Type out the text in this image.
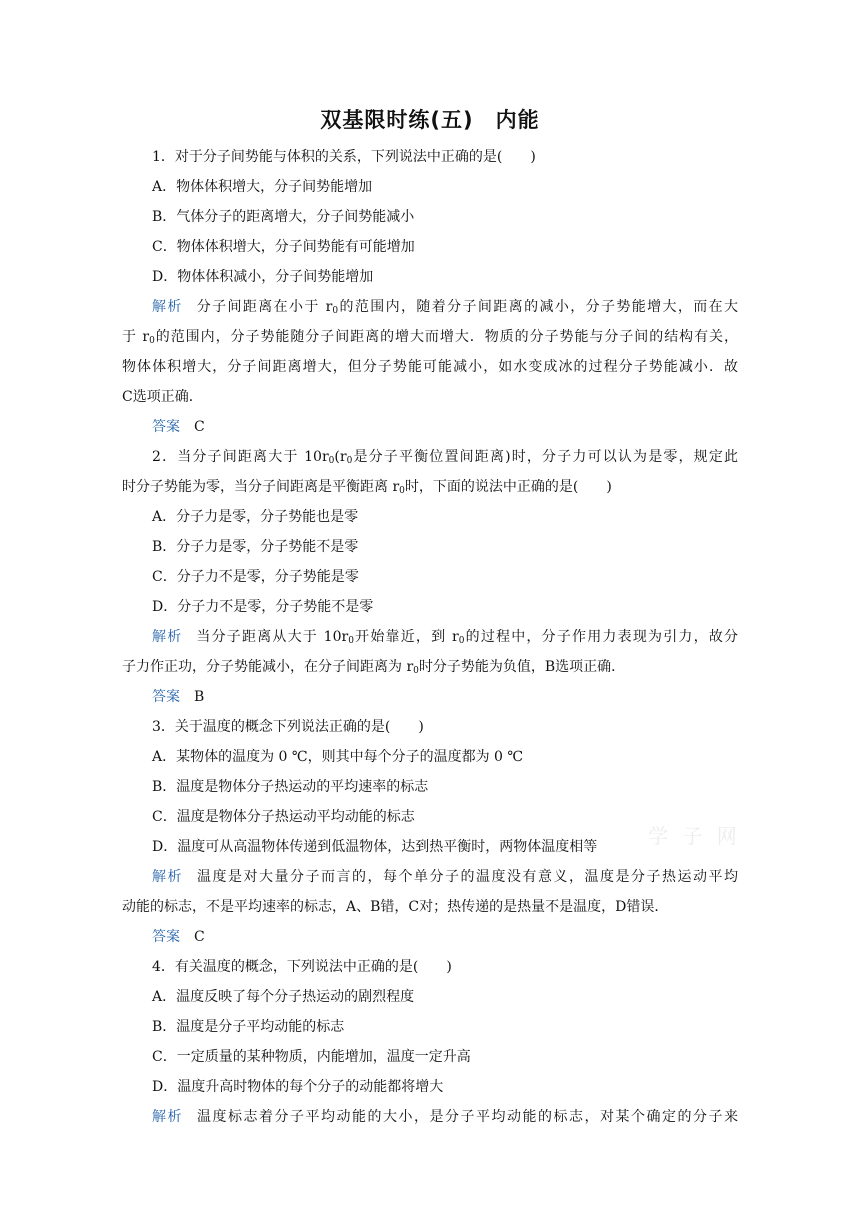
双基限时练(五)　内能
1．对于分子间势能与体积的关系，下列说法中正确的是(　　)
A．物体体积增大，分子间势能增加
B．气体分子的距离增大，分子间势能减小
C．物体体积增大，分子间势能有可能增加
D．物体体积减小，分子间势能增加
解析 分子间距离在小于 $r_0$的范围内，随着分子间距离的减小，分子势能增大，而在大
于 $r_0$的范围内，分子势能随分子间距离的增大而增大．物质的分子势能与分子间的结构有关，
物体体积增大，分子间距离增大，但分子势能可能减小，如水变成冰的过程分子势能减小．故
C选项正确．
答案 C
2．当分子间距离大于 $10r_0(r_0$是分子平衡位置间距离)时，分子力可以认为是零，规定此
时分子势能为零，当分子间距离是平衡距离 $r_0$时，下面的说法中正确的是(　　)
A．分子力是零，分子势能也是零
B．分子力是零，分子势能不是零
C．分子力不是零，分子势能是零
D．分子力不是零，分子势能不是零
解析 当分子距离从大于 $10r_0$开始靠近，到 $r_0$的过程中，分子作用力表现为引力，故分
子力作正功，分子势能减小，在分子间距离为 $r_0$时分子势能为负值，B选项正确．
答案 B
3．关于温度的概念下列说法正确的是(　　)
A．某物体的温度为 0 ℃，则其中每个分子的温度都为 0 ℃
B．温度是物体分子热运动的平均速率的标志
C．温度是物体分子热运动平均动能的标志
D．温度可从高温物体传递到低温物体，达到热平衡时，两物体温度相等
解析 温度是对大量分子而言的，每个单分子的温度没有意义，温度是分子热运动平均
动能的标志，不是平均速率的标志，A、B错，C对；热传递的是热量不是温度，D错误．
答案 C
4．有关温度的概念，下列说法中正确的是(　　)
A．温度反映了每个分子热运动的剧烈程度
B．温度是分子平均动能的标志
C．一定质量的某种物质，内能增加，温度一定升高
D．温度升高时物体的每个分子的动能都将增大
解析 温度标志着分子平均动能的大小，是分子平均动能的标志，对某个确定的分子来
学 子 网
